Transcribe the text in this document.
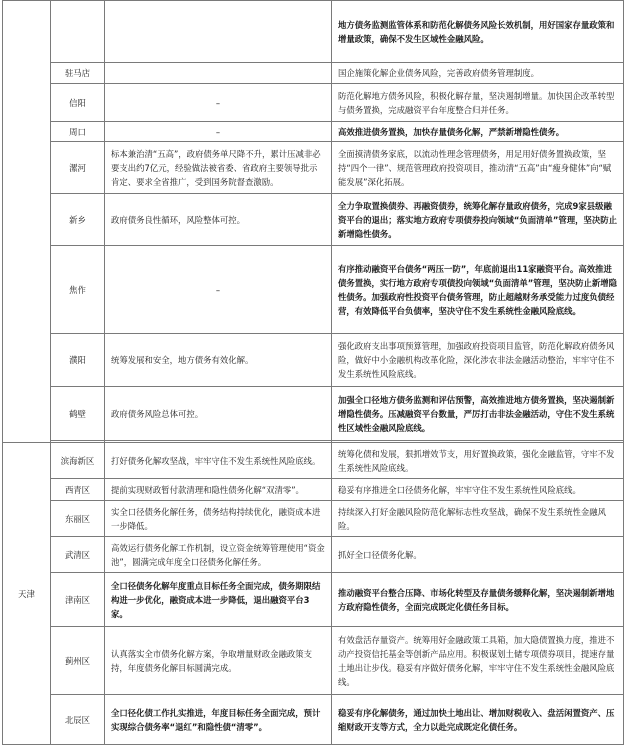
			地方债务监测监管体系和防范化解债务风险长效机制，用好国家存量政策和增量政策，确保不发生区域性金融风险。
	驻马店		国企施策化解企业债务风险，完善政府债务管理制度。
	信阳	–	防范化解地方债务风险，积极化解存量，坚决遏制增量。加快国企改革转型与债务置换，完成融资平台年度整合归并任务。
	周口	–	高效推进债务置换，加快存量债务化解，严禁新增隐性债务。
	漯河	标本兼治清“五高”，政府债务单尺降不升，累计压减非必要支出约7亿元，经验做法被省委、省政府主要领导批示肯定、要求全省推广，受到国务院督查激励。	全面摸清债务家底，以流动性理念管理债务，用足用好债务置换政策，坚持“四个一律”、规范管理政府投资项目，推动清“五高”由“瘦身健体”向“赋能发展”深化拓展。
	新乡	政府债务良性循环，风险整体可控。	全力争取置换债券、再融资债券，统筹化解存量政府债务，完成9家县级融资平台的退出；落实地方政府专项债券投向领域“负面清单”管理，坚决防止新增隐性债务。
	焦作	–	有序推动融资平台债务“两压一防”，年底前退出11家融资平台。高效推进债务置换，实行地方政府专项债投向领域“负面清单”管理，坚决防止新增隐性债务。加强政府性投资平台债务管理，防止超越财务承受能力过度负债经营，有效降低平台负债率，坚决守住不发生系统性金融风险底线。
	濮阳	统筹发展和安全，地方债务有效化解。	强化政府支出事项预算管理，加强政府投资项目监管，防范化解政府债务风险，做好中小金融机构改革化险，深化涉农非法金融活动整治，牢牢守住不发生系统性风险底线。
	鹤壁	政府债务风险总体可控。	加强全口径地方债务监测和评估预警，高效推进地方债务置换，坚决遏制新增隐性债务。压减融资平台数量，严厉打击非法金融活动，守住不发生系统性区域性金融风险底线。

天津	滨海新区	打好债务化解攻坚战，牢牢守住不发生系统性风险底线。	统筹化债和发展，狠抓增效节支，用好置换政策，强化金融监管，守牢不发生系统性风险底线。
	西青区	提前实现财政暂付款清理和隐性债务化解“双清零”。	稳妥有序推进全口径债务化解，牢牢守住不发生系统性风险底线。
	东丽区	实全口径债务化解任务，债务结构持续优化，融资成本进一步降低。	持续深入打好金融风险防范化解标志性攻坚战，确保不发生系统性金融风险。
	武清区	高效运行债务化解工作机制，设立资金统筹管理使用“资金池”，圆满完成年度全口径债务化解任务。	抓好全口径债务化解。
	津南区	全口径债务化解年度重点目标任务全面完成，债务期限结构进一步优化，融资成本进一步降低，退出融资平台3家。	推动融资平台整合压降、市场化转型及存量债务缓释化解，坚决遏制新增地方政府隐性债务，全面完成既定化债任务目标。
	蓟州区	认真落实全市债务化解方案，争取增量财政金融政策支持，年度债务化解目标圆满完成。	有效盘活存量资产。统筹用好金融政策工具箱，加大隐债置换力度，推进不动产投资信托基金等创新产品应用。积极谋划土储专项债券项目，提速存量土地出让步伐。稳妥有序做好债务化解，牢牢守住不发生系统性金融风险底线。
	北辰区	全口径化债工作扎实推进，年度目标任务全面完成，预计实现综合债务率“退红”和隐性债“清零”。	稳妥有序化解债务，通过加快土地出让、增加财税收入、盘活闲置资产、压缩财政开支等方式，全力以赴完成既定化债任务。
